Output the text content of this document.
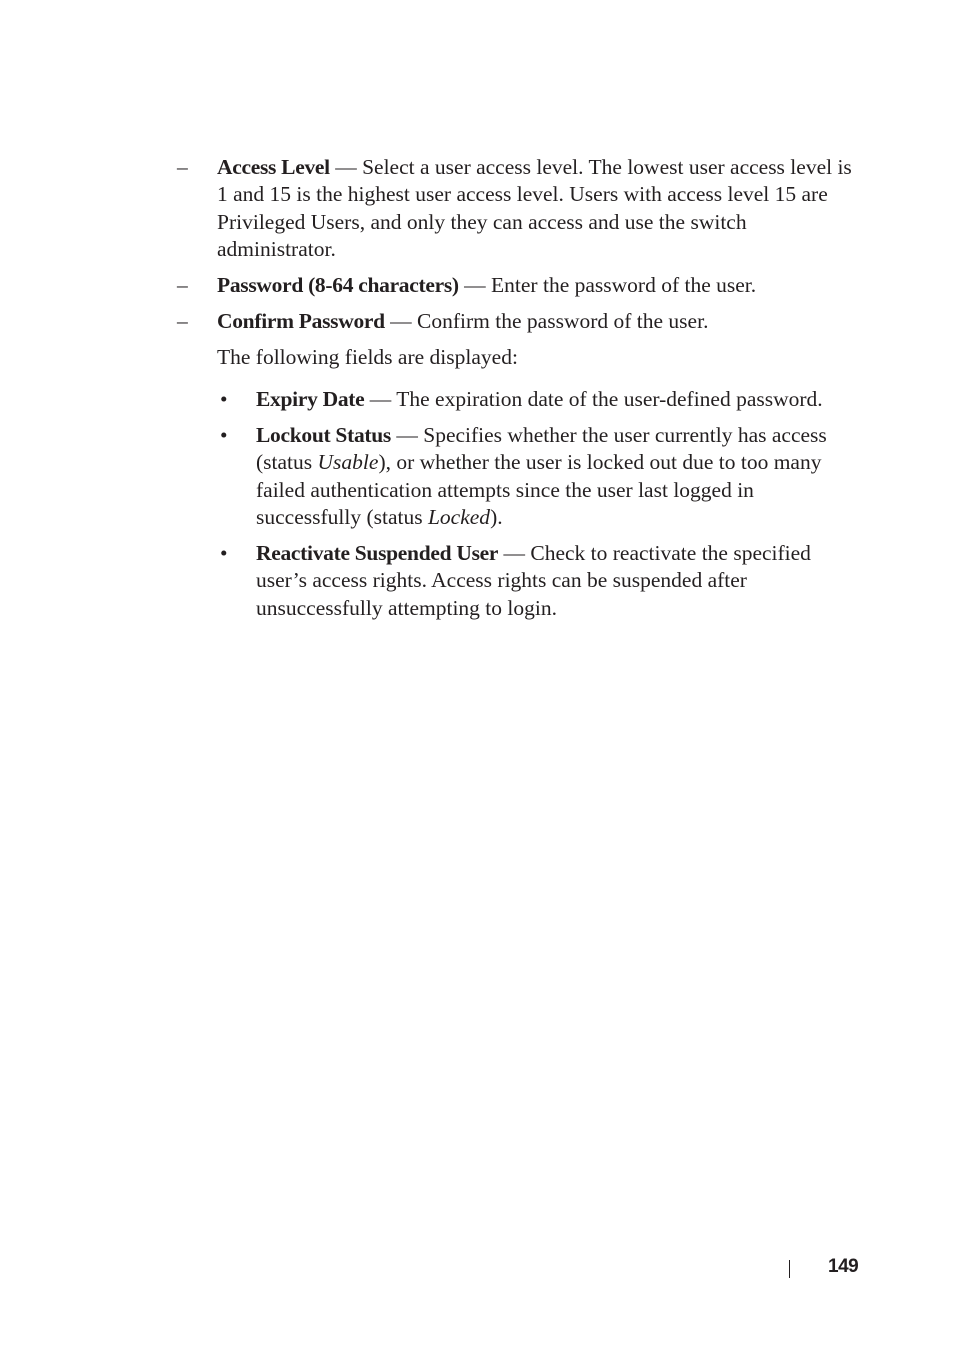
– Access Level — Select a user access level. The lowest user access level is 1 and 15 is the highest user access level. Users with access level 15 are Privileged Users, and only they can access and use the switch administrator.
– Password (8-64 characters) — Enter the password of the user.
– Confirm Password — Confirm the password of the user.
The following fields are displayed:
• Expiry Date — The expiration date of the user-defined password.
• Lockout Status — Specifies whether the user currently has access (status Usable), or whether the user is locked out due to too many failed authentication attempts since the user last logged in successfully (status Locked).
• Reactivate Suspended User — Check to reactivate the specified user’s access rights. Access rights can be suspended after unsuccessfully attempting to login.
149
